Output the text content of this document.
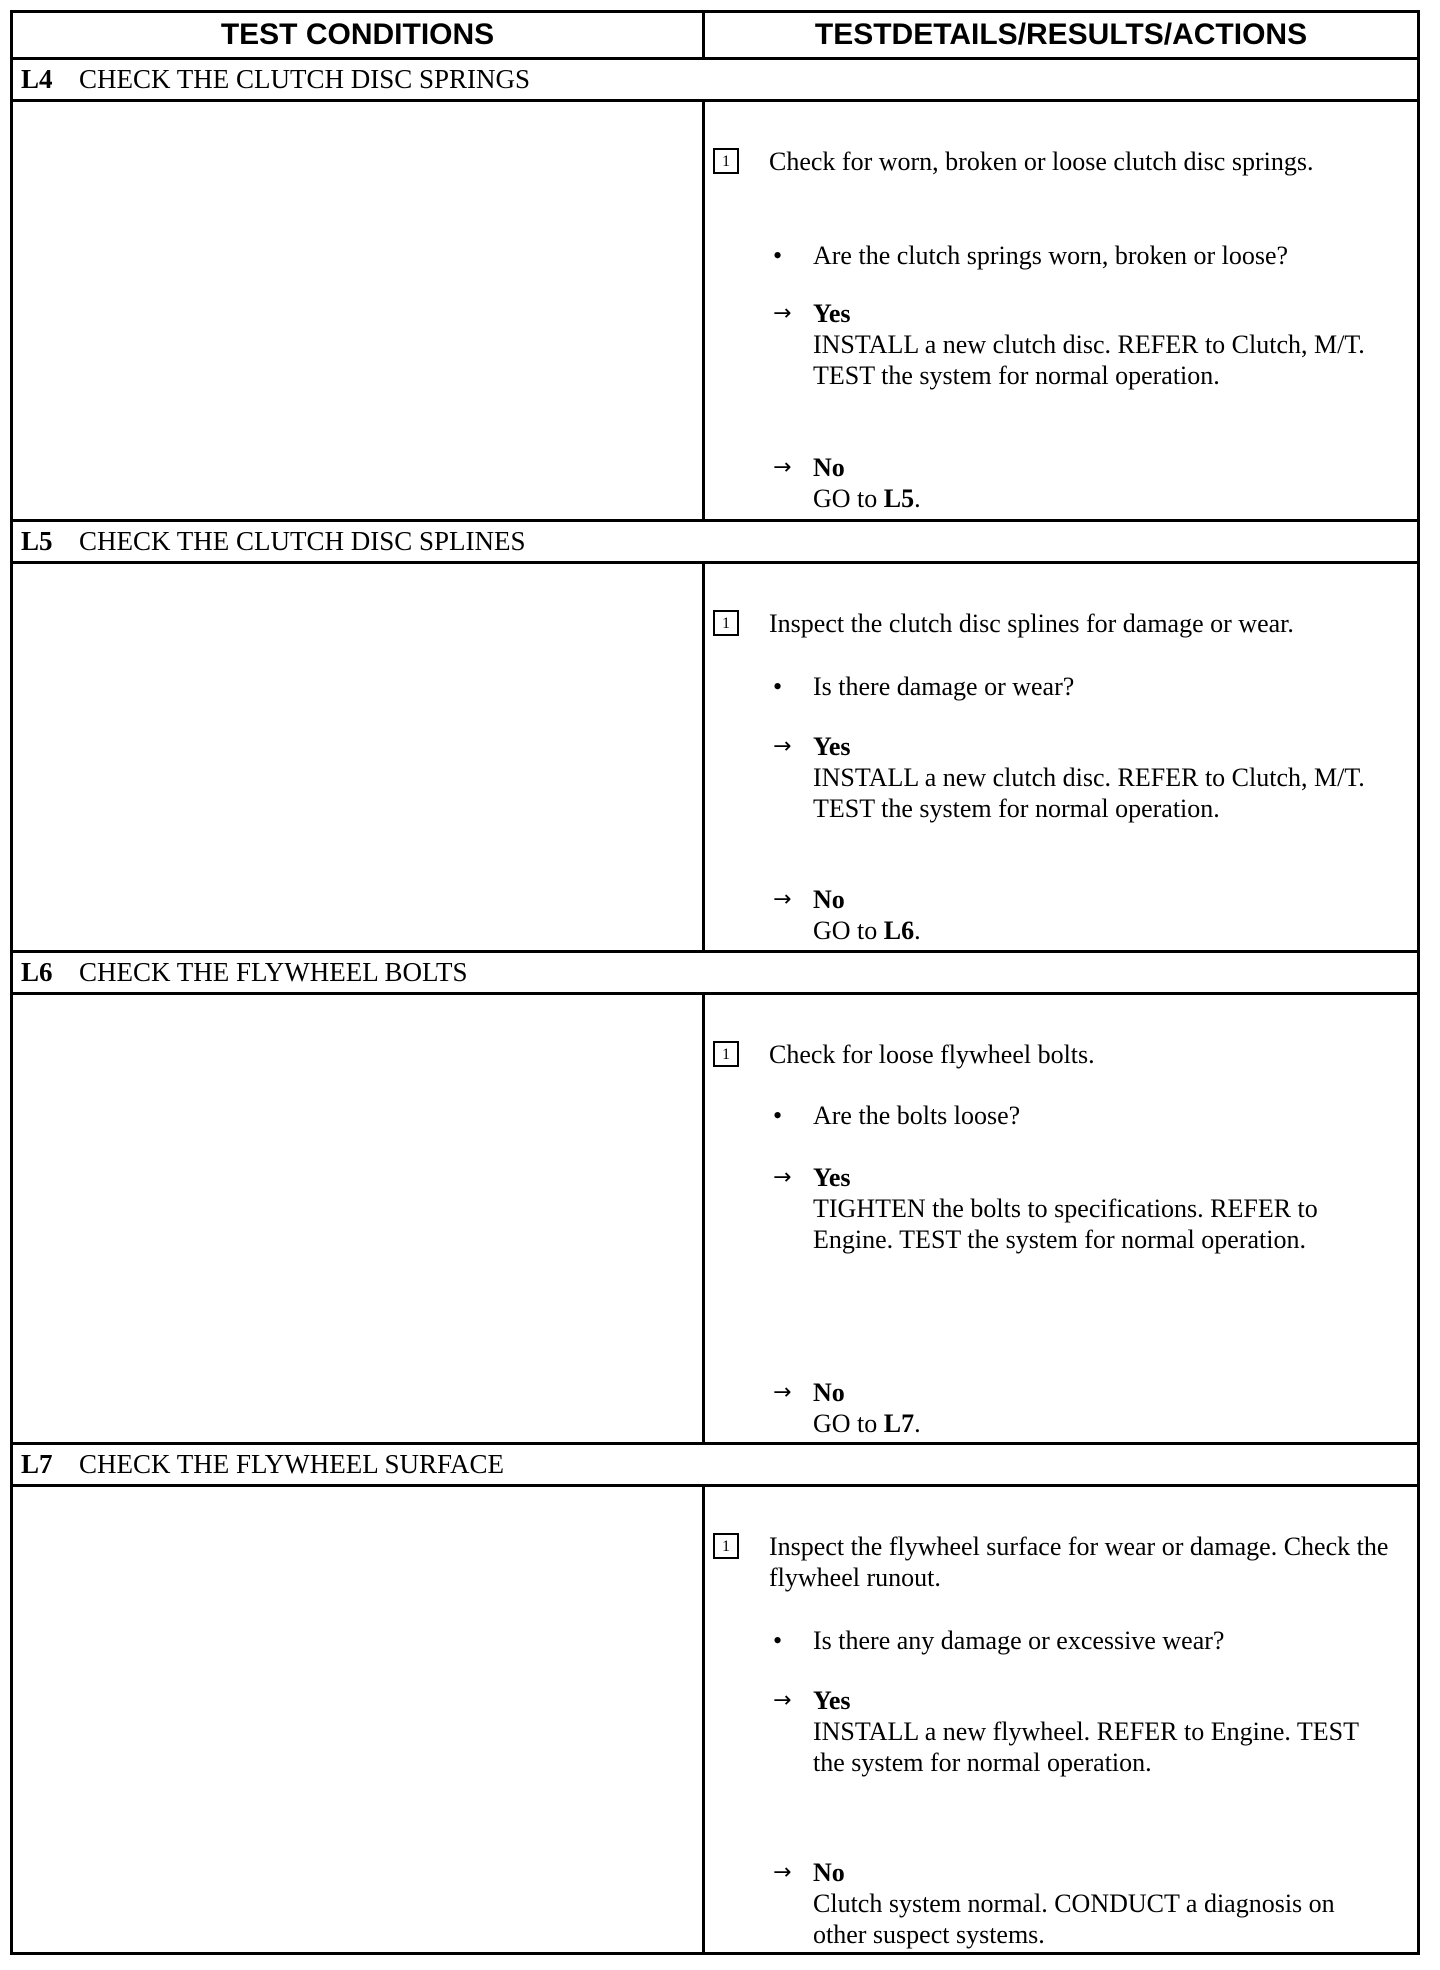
TEST CONDITIONS	TESTDETAILS/RESULTS/ACTIONS
L4 CHECK THE CLUTCH DISC SPRINGS
1	Check for worn, broken or loose clutch disc springs.
•	Are the clutch springs worn, broken or loose?
→ Yes
INSTALL a new clutch disc. REFER to Clutch, M/T. TEST the system for normal operation.
→ No
GO to L5.
L5 CHECK THE CLUTCH DISC SPLINES
1	Inspect the clutch disc splines for damage or wear.
•	Is there damage or wear?
→ Yes
INSTALL a new clutch disc. REFER to Clutch, M/T. TEST the system for normal operation.
→ No
GO to L6.
L6 CHECK THE FLYWHEEL BOLTS
1	Check for loose flywheel bolts.
•	Are the bolts loose?
→ Yes
TIGHTEN the bolts to specifications. REFER to Engine. TEST the system for normal operation.
→ No
GO to L7.
L7 CHECK THE FLYWHEEL SURFACE
1	Inspect the flywheel surface for wear or damage. Check the flywheel runout.
•	Is there any damage or excessive wear?
→ Yes
INSTALL a new flywheel. REFER to Engine. TEST the system for normal operation.
→ No
Clutch system normal. CONDUCT a diagnosis on other suspect systems.
